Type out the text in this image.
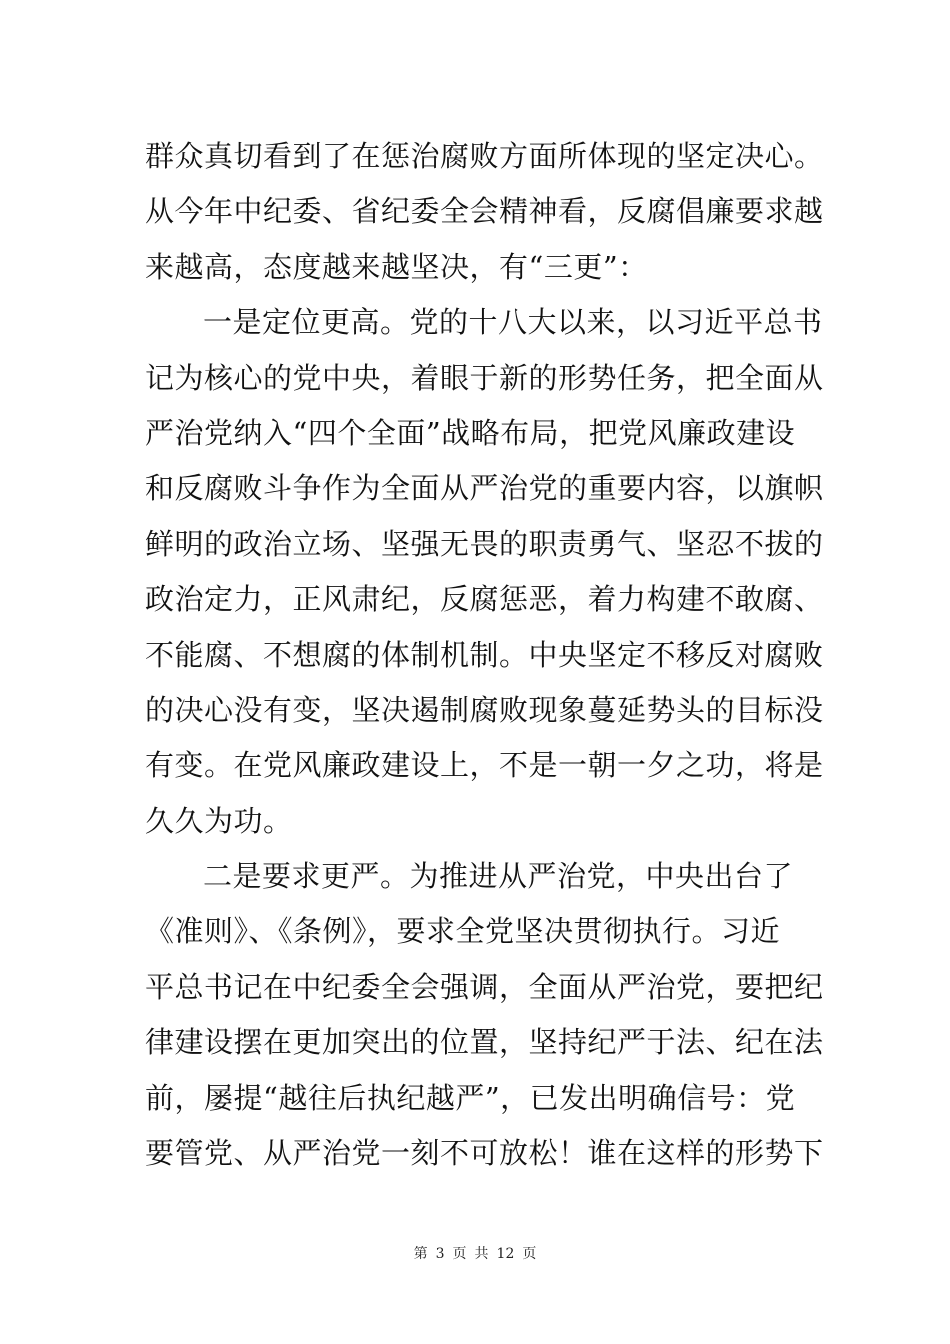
群众真切看到了在惩治腐败方面所体现的坚定决心。
从今年中纪委、省纪委全会精神看，反腐倡廉要求越
来越高，态度越来越坚决，有“三更”：
一是定位更高。党的十八大以来，以习近平总书
记为核心的党中央，着眼于新的形势任务，把全面从
严治党纳入“四个全面”战略布局，把党风廉政建设
和反腐败斗争作为全面从严治党的重要内容，以旗帜
鲜明的政治立场、坚强无畏的职责勇气、坚忍不拔的
政治定力，正风肃纪，反腐惩恶，着力构建不敢腐、
不能腐、不想腐的体制机制。中央坚定不移反对腐败
的决心没有变，坚决遏制腐败现象蔓延势头的目标没
有变。在党风廉政建设上，不是一朝一夕之功，将是
久久为功。
二是要求更严。为推进从严治党，中央出台了
《准则》、《条例》，要求全党坚决贯彻执行。习近
平总书记在中纪委全会强调，全面从严治党，要把纪
律建设摆在更加突出的位置，坚持纪严于法、纪在法
前，屡提“越往后执纪越严”，已发出明确信号：党
要管党、从严治党一刻不可放松！谁在这样的形势下
第 3 页 共 12 页
